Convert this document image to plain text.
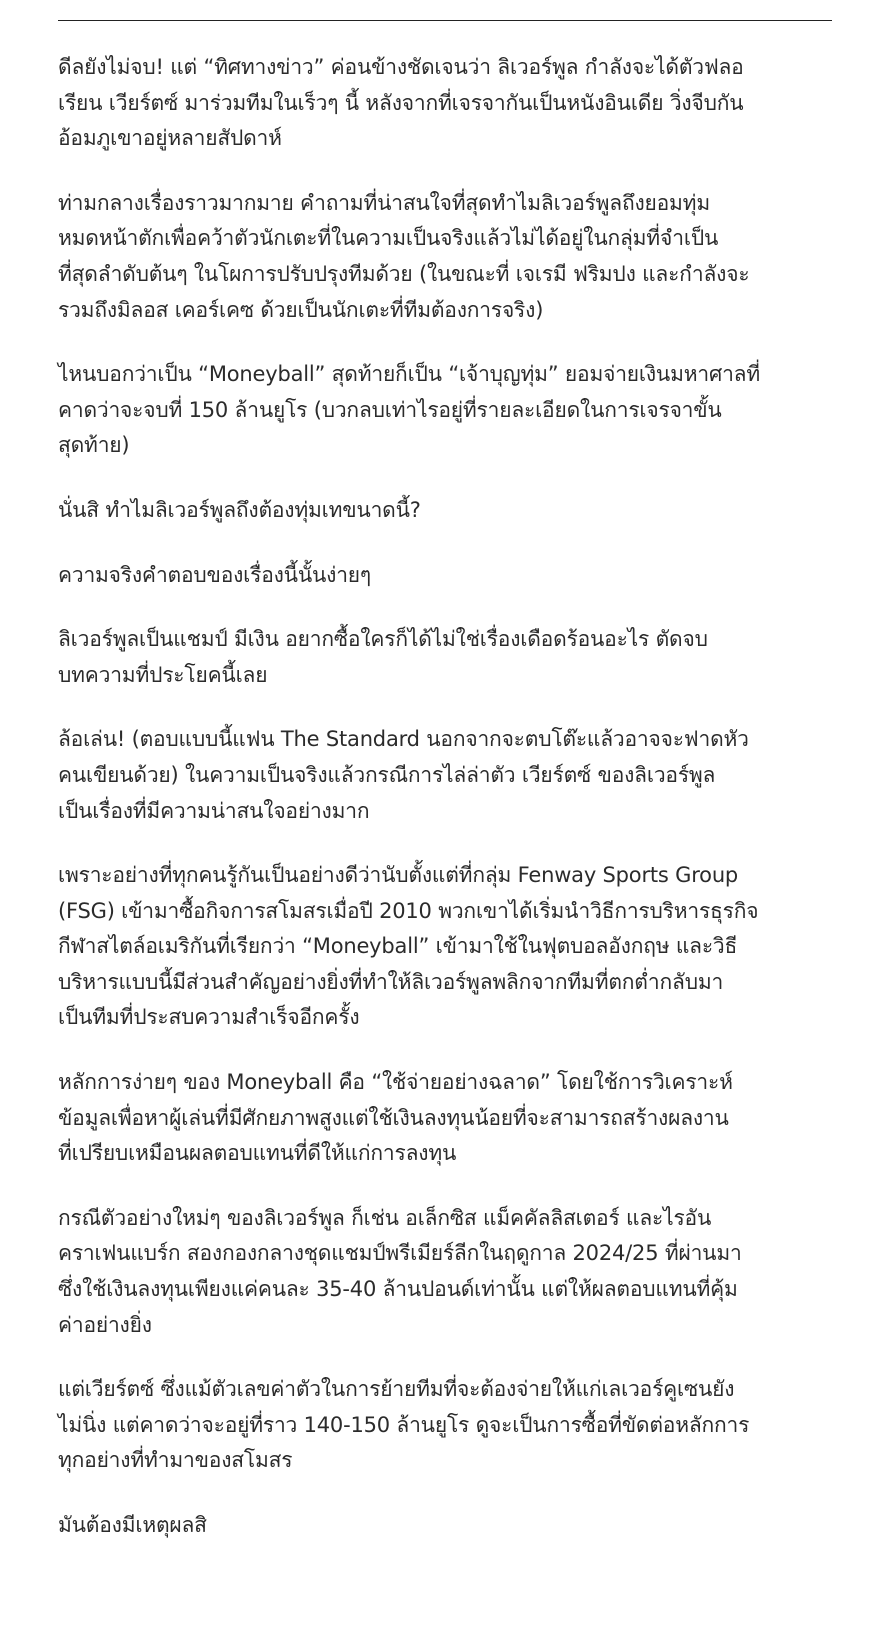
ดีลยังไม่จบ! แต่ “ทิศทางข่าว” ค่อนข้างชัดเจนว่า ลิเวอร์พูล กำลังจะได้ตัวฟลอ
เรียน เวียร์ตซ์ มาร่วมทีมในเร็วๆ นี้ หลังจากที่เจรจากันเป็นหนังอินเดีย วิ่งจีบกัน
อ้อมภูเขาอยู่หลายสัปดาห์

ท่ามกลางเรื่องราวมากมาย คำถามที่น่าสนใจที่สุดทำไมลิเวอร์พูลถึงยอมทุ่ม
หมดหน้าตักเพื่อคว้าตัวนักเตะที่ในความเป็นจริงแล้วไม่ได้อยู่ในกลุ่มที่จำเป็น
ที่สุดลำดับต้นๆ ในโผการปรับปรุงทีมด้วย (ในขณะที่ เจเรมี ฟริมปง และกำลังจะ
รวมถึงมิลอส เคอร์เคซ ด้วยเป็นนักเตะที่ทีมต้องการจริง)

ไหนบอกว่าเป็น “Moneyball” สุดท้ายก็เป็น “เจ้าบุญทุ่ม” ยอมจ่ายเงินมหาศาลที่
คาดว่าจะจบที่ 150 ล้านยูโร (บวกลบเท่าไรอยู่ที่รายละเอียดในการเจรจาขั้น
สุดท้าย)

นั่นสิ ทำไมลิเวอร์พูลถึงต้องทุ่มเทขนาดนี้?

ความจริงคำตอบของเรื่องนี้นั้นง่ายๆ

ลิเวอร์พูลเป็นแชมป์ มีเงิน อยากซื้อใครก็ได้ไม่ใช่เรื่องเดือดร้อนอะไร ตัดจบ
บทความที่ประโยคนี้เลย

ล้อเล่น! (ตอบแบบนี้แฟน The Standard นอกจากจะตบโต๊ะแล้วอาจจะฟาดหัว
คนเขียนด้วย) ในความเป็นจริงแล้วกรณีการไล่ล่าตัว เวียร์ตซ์ ของลิเวอร์พูล
เป็นเรื่องที่มีความน่าสนใจอย่างมาก

เพราะอย่างที่ทุกคนรู้กันเป็นอย่างดีว่านับตั้งแต่ที่กลุ่ม Fenway Sports Group
(FSG) เข้ามาซื้อกิจการสโมสรเมื่อปี 2010 พวกเขาได้เริ่มนำวิธีการบริหารธุรกิจ
กีฬาสไตล์อเมริกันที่เรียกว่า “Moneyball” เข้ามาใช้ในฟุตบอลอังกฤษ และวิธี
บริหารแบบนี้มีส่วนสำคัญอย่างยิ่งที่ทำให้ลิเวอร์พูลพลิกจากทีมที่ตกต่ำกลับมา
เป็นทีมที่ประสบความสำเร็จอีกครั้ง

หลักการง่ายๆ ของ Moneyball คือ “ใช้จ่ายอย่างฉลาด” โดยใช้การวิเคราะห์
ข้อมูลเพื่อหาผู้เล่นที่มีศักยภาพสูงแต่ใช้เงินลงทุนน้อยที่จะสามารถสร้างผลงาน
ที่เปรียบเหมือนผลตอบแทนที่ดีให้แก่การลงทุน

กรณีตัวอย่างใหม่ๆ ของลิเวอร์พูล ก็เช่น อเล็กซิส แม็คคัลลิสเตอร์ และไรอัน
คราเฟนแบร์ก สองกองกลางชุดแชมป์พรีเมียร์ลีกในฤดูกาล 2024/25 ที่ผ่านมา
ซึ่งใช้เงินลงทุนเพียงแค่คนละ 35-40 ล้านปอนด์เท่านั้น แต่ให้ผลตอบแทนที่คุ้ม
ค่าอย่างยิ่ง

แต่เวียร์ตซ์ ซึ่งแม้ตัวเลขค่าตัวในการย้ายทีมที่จะต้องจ่ายให้แก่เลเวอร์คูเซนยัง
ไม่นิ่ง แต่คาดว่าจะอยู่ที่ราว 140-150 ล้านยูโร ดูจะเป็นการซื้อที่ขัดต่อหลักการ
ทุกอย่างที่ทำมาของสโมสร

มันต้องมีเหตุผลสิ
